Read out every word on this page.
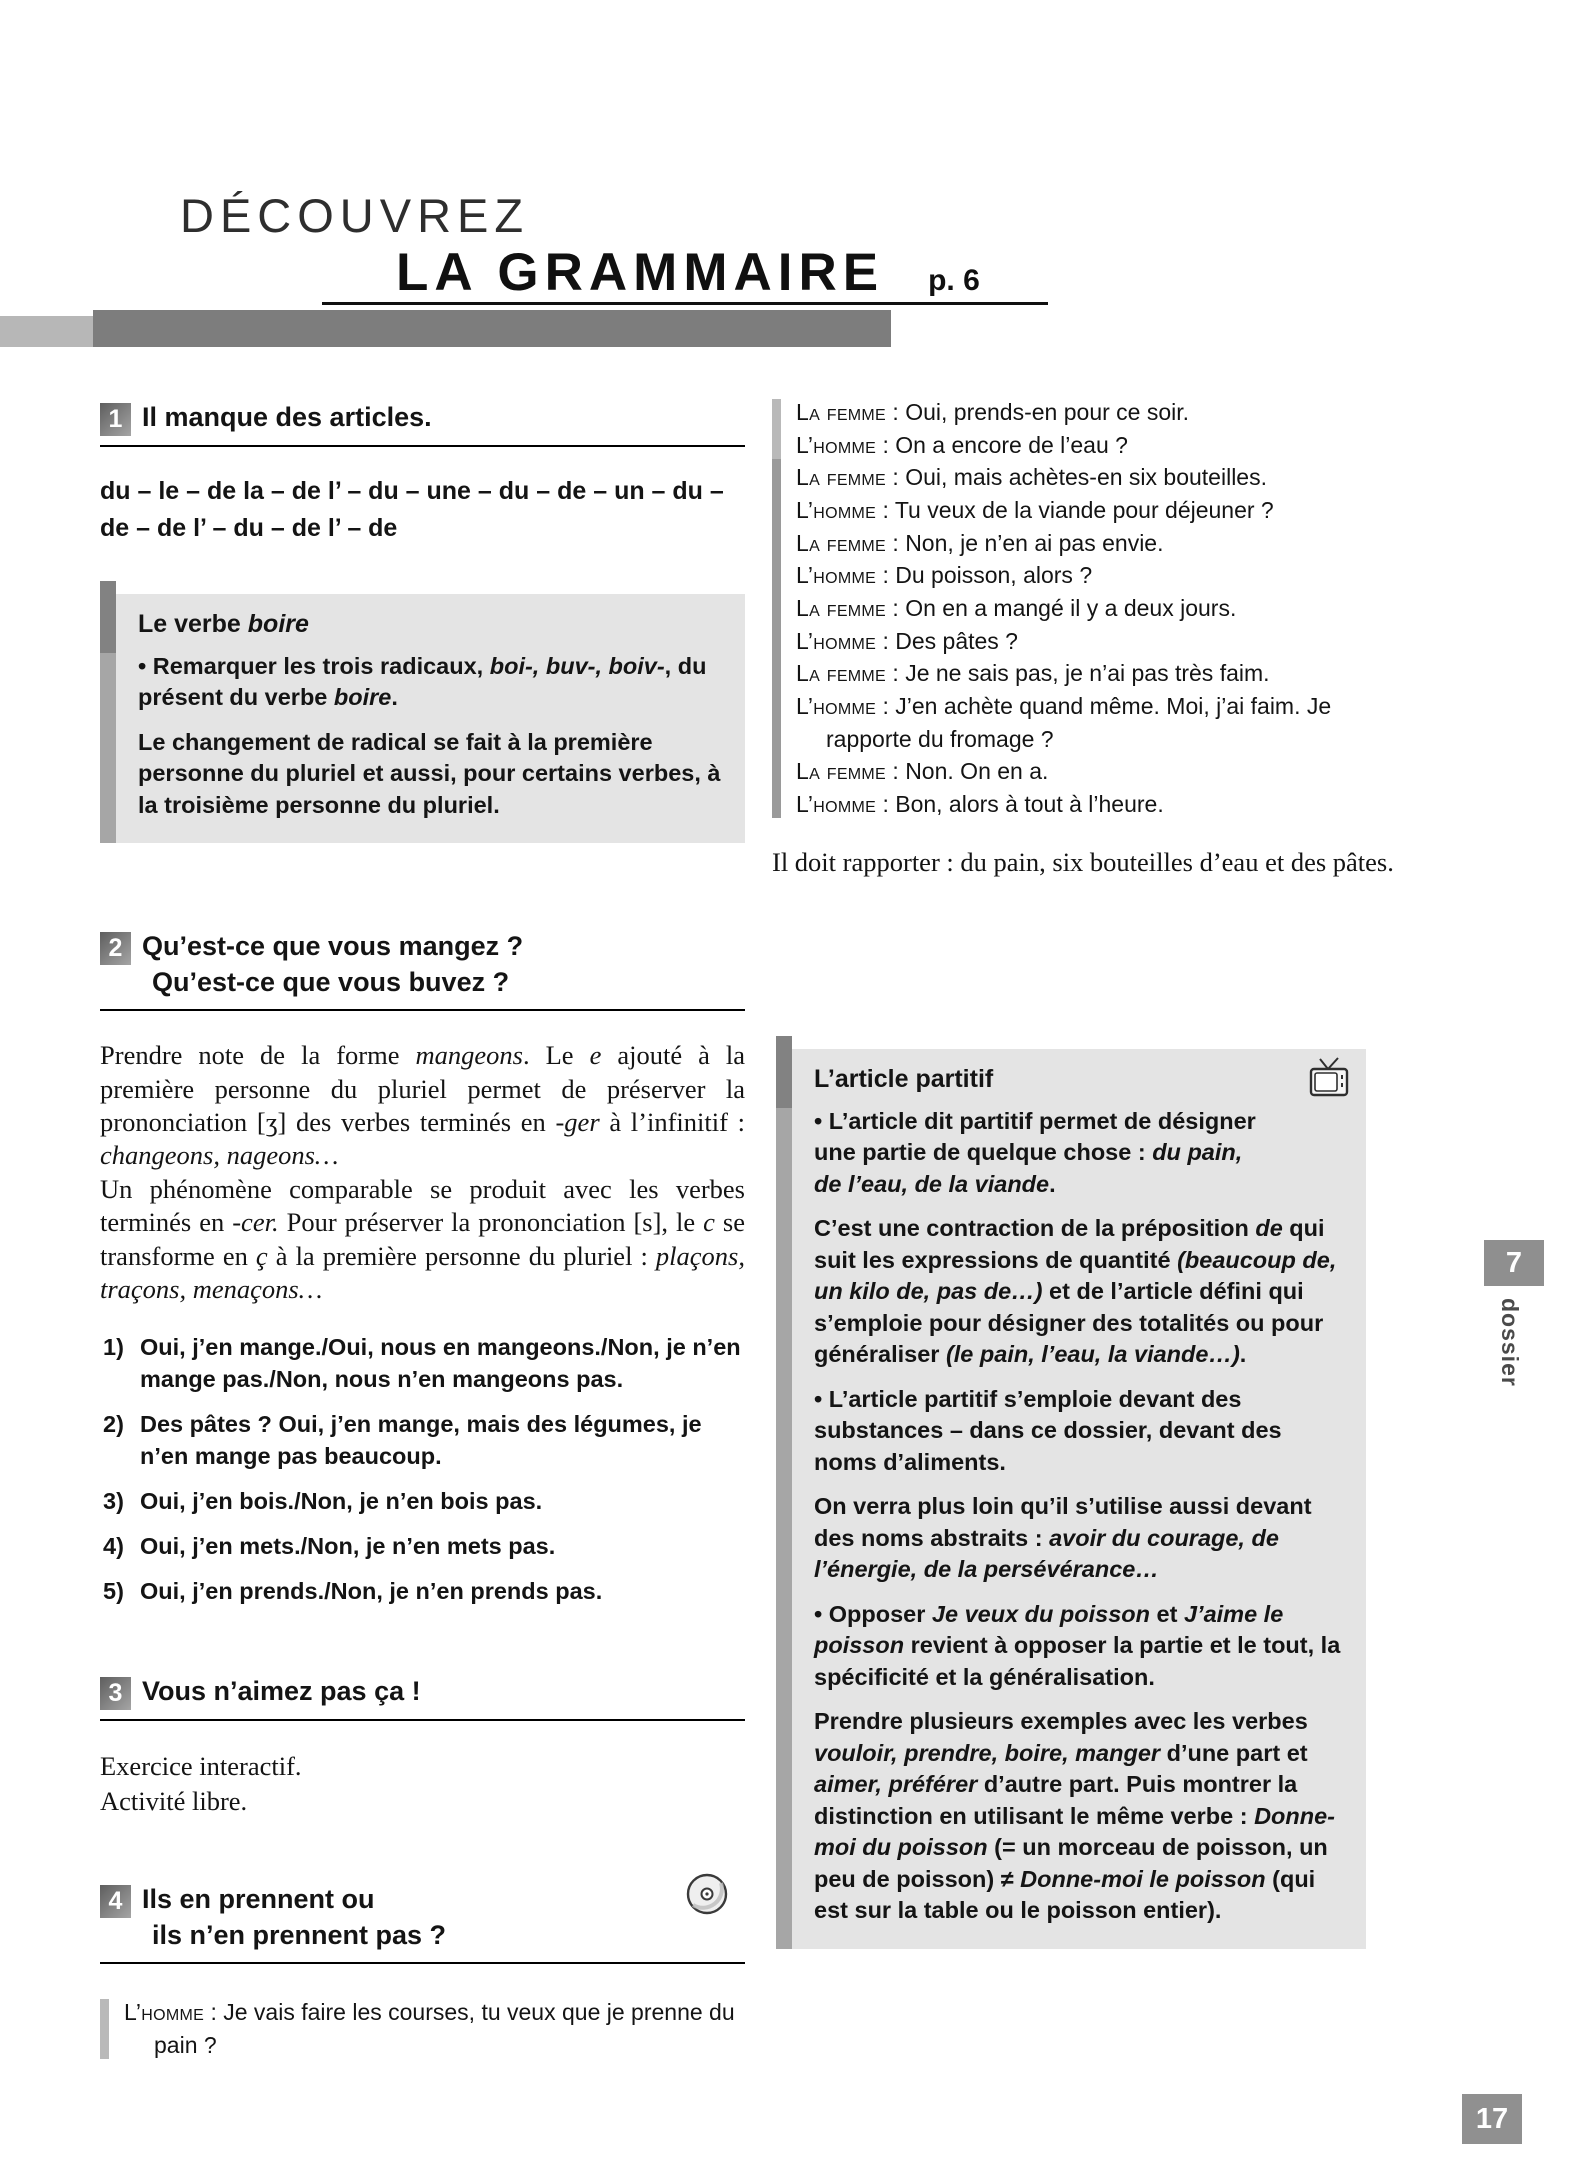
DÉCOUVREZ
LA GRAMMAIRE p. 6
1 Il manque des articles.

du – le – de la – de l’ – du – une – du – de – un – du – de – de l’ – du – de l’ – de

Le verbe boire

• Remarquer les trois radicaux, boi-, buv-, boiv-, du présent du verbe boire.

Le changement de radical se fait à la première personne du pluriel et aussi, pour certains verbes, à la troisième personne du pluriel.

2 Qu’est-ce que vous mangez ?
Qu’est-ce que vous buvez ?

Prendre note de la forme mangeons. Le e ajouté à la première personne du pluriel permet de préserver la prononciation [ʒ] des verbes terminés en -ger à l’infinitif : changeons, nageons…

Un phénomène comparable se produit avec les verbes terminés en -cer. Pour préserver la prononciation [s], le c se transforme en ç à la première personne du pluriel : plaçons, traçons, menaçons…

1) Oui, j’en mange./Oui, nous en mangeons./Non, je n’en mange pas./Non, nous n’en mangeons pas.

2) Des pâtes ? Oui, j’en mange, mais des légumes, je n’en mange pas beaucoup.

3) Oui, j’en bois./Non, je n’en bois pas.

4) Oui, j’en mets./Non, je n’en mets pas.

5) Oui, j’en prends./Non, je n’en prends pas.

3 Vous n’aimez pas ça !

Exercice interactif.

Activité libre.

4 Ils en prennent ou
ils n’en prennent pas ?

L’homme : Je vais faire les courses, tu veux que je prenne du pain ?

La femme : Oui, prends-en pour ce soir.

L’homme : On a encore de l’eau ?

La femme : Oui, mais achètes-en six bouteilles.

L’homme : Tu veux de la viande pour déjeuner ?

La femme : Non, je n’en ai pas envie.

L’homme : Du poisson, alors ?

La femme : On en a mangé il y a deux jours.

L’homme : Des pâtes ?

La femme : Je ne sais pas, je n’ai pas très faim.

L’homme : J’en achète quand même. Moi, j’ai faim. Je rapporte du fromage ?

La femme : Non. On en a.

L’homme : Bon, alors à tout à l’heure.

Il doit rapporter : du pain, six bouteilles d’eau et des pâtes.

L’article partitif

• L’article dit partitif permet de désigner une partie de quelque chose : du pain, de l’eau, de la viande.

C’est une contraction de la préposition de qui suit les expressions de quantité (beaucoup de, un kilo de, pas de…) et de l’article défini qui s’emploie pour désigner des totalités ou pour généraliser (le pain, l’eau, la viande…).

• L’article partitif s’emploie devant des substances – dans ce dossier, devant des noms d’aliments.

On verra plus loin qu’il s’utilise aussi devant des noms abstraits : avoir du courage, de l’énergie, de la persévérance…

• Opposer Je veux du poisson et J’aime le poisson revient à opposer la partie et le tout, la spécificité et la généralisation.

Prendre plusieurs exemples avec les verbes vouloir, prendre, boire, manger d’une part et aimer, préférer d’autre part. Puis montrer la distinction en utilisant le même verbe : Donne-moi du poisson (= un morceau de poisson, un peu de poisson) ≠ Donne-moi le poisson (qui est sur la table ou le poisson entier).

7
dossier
17
